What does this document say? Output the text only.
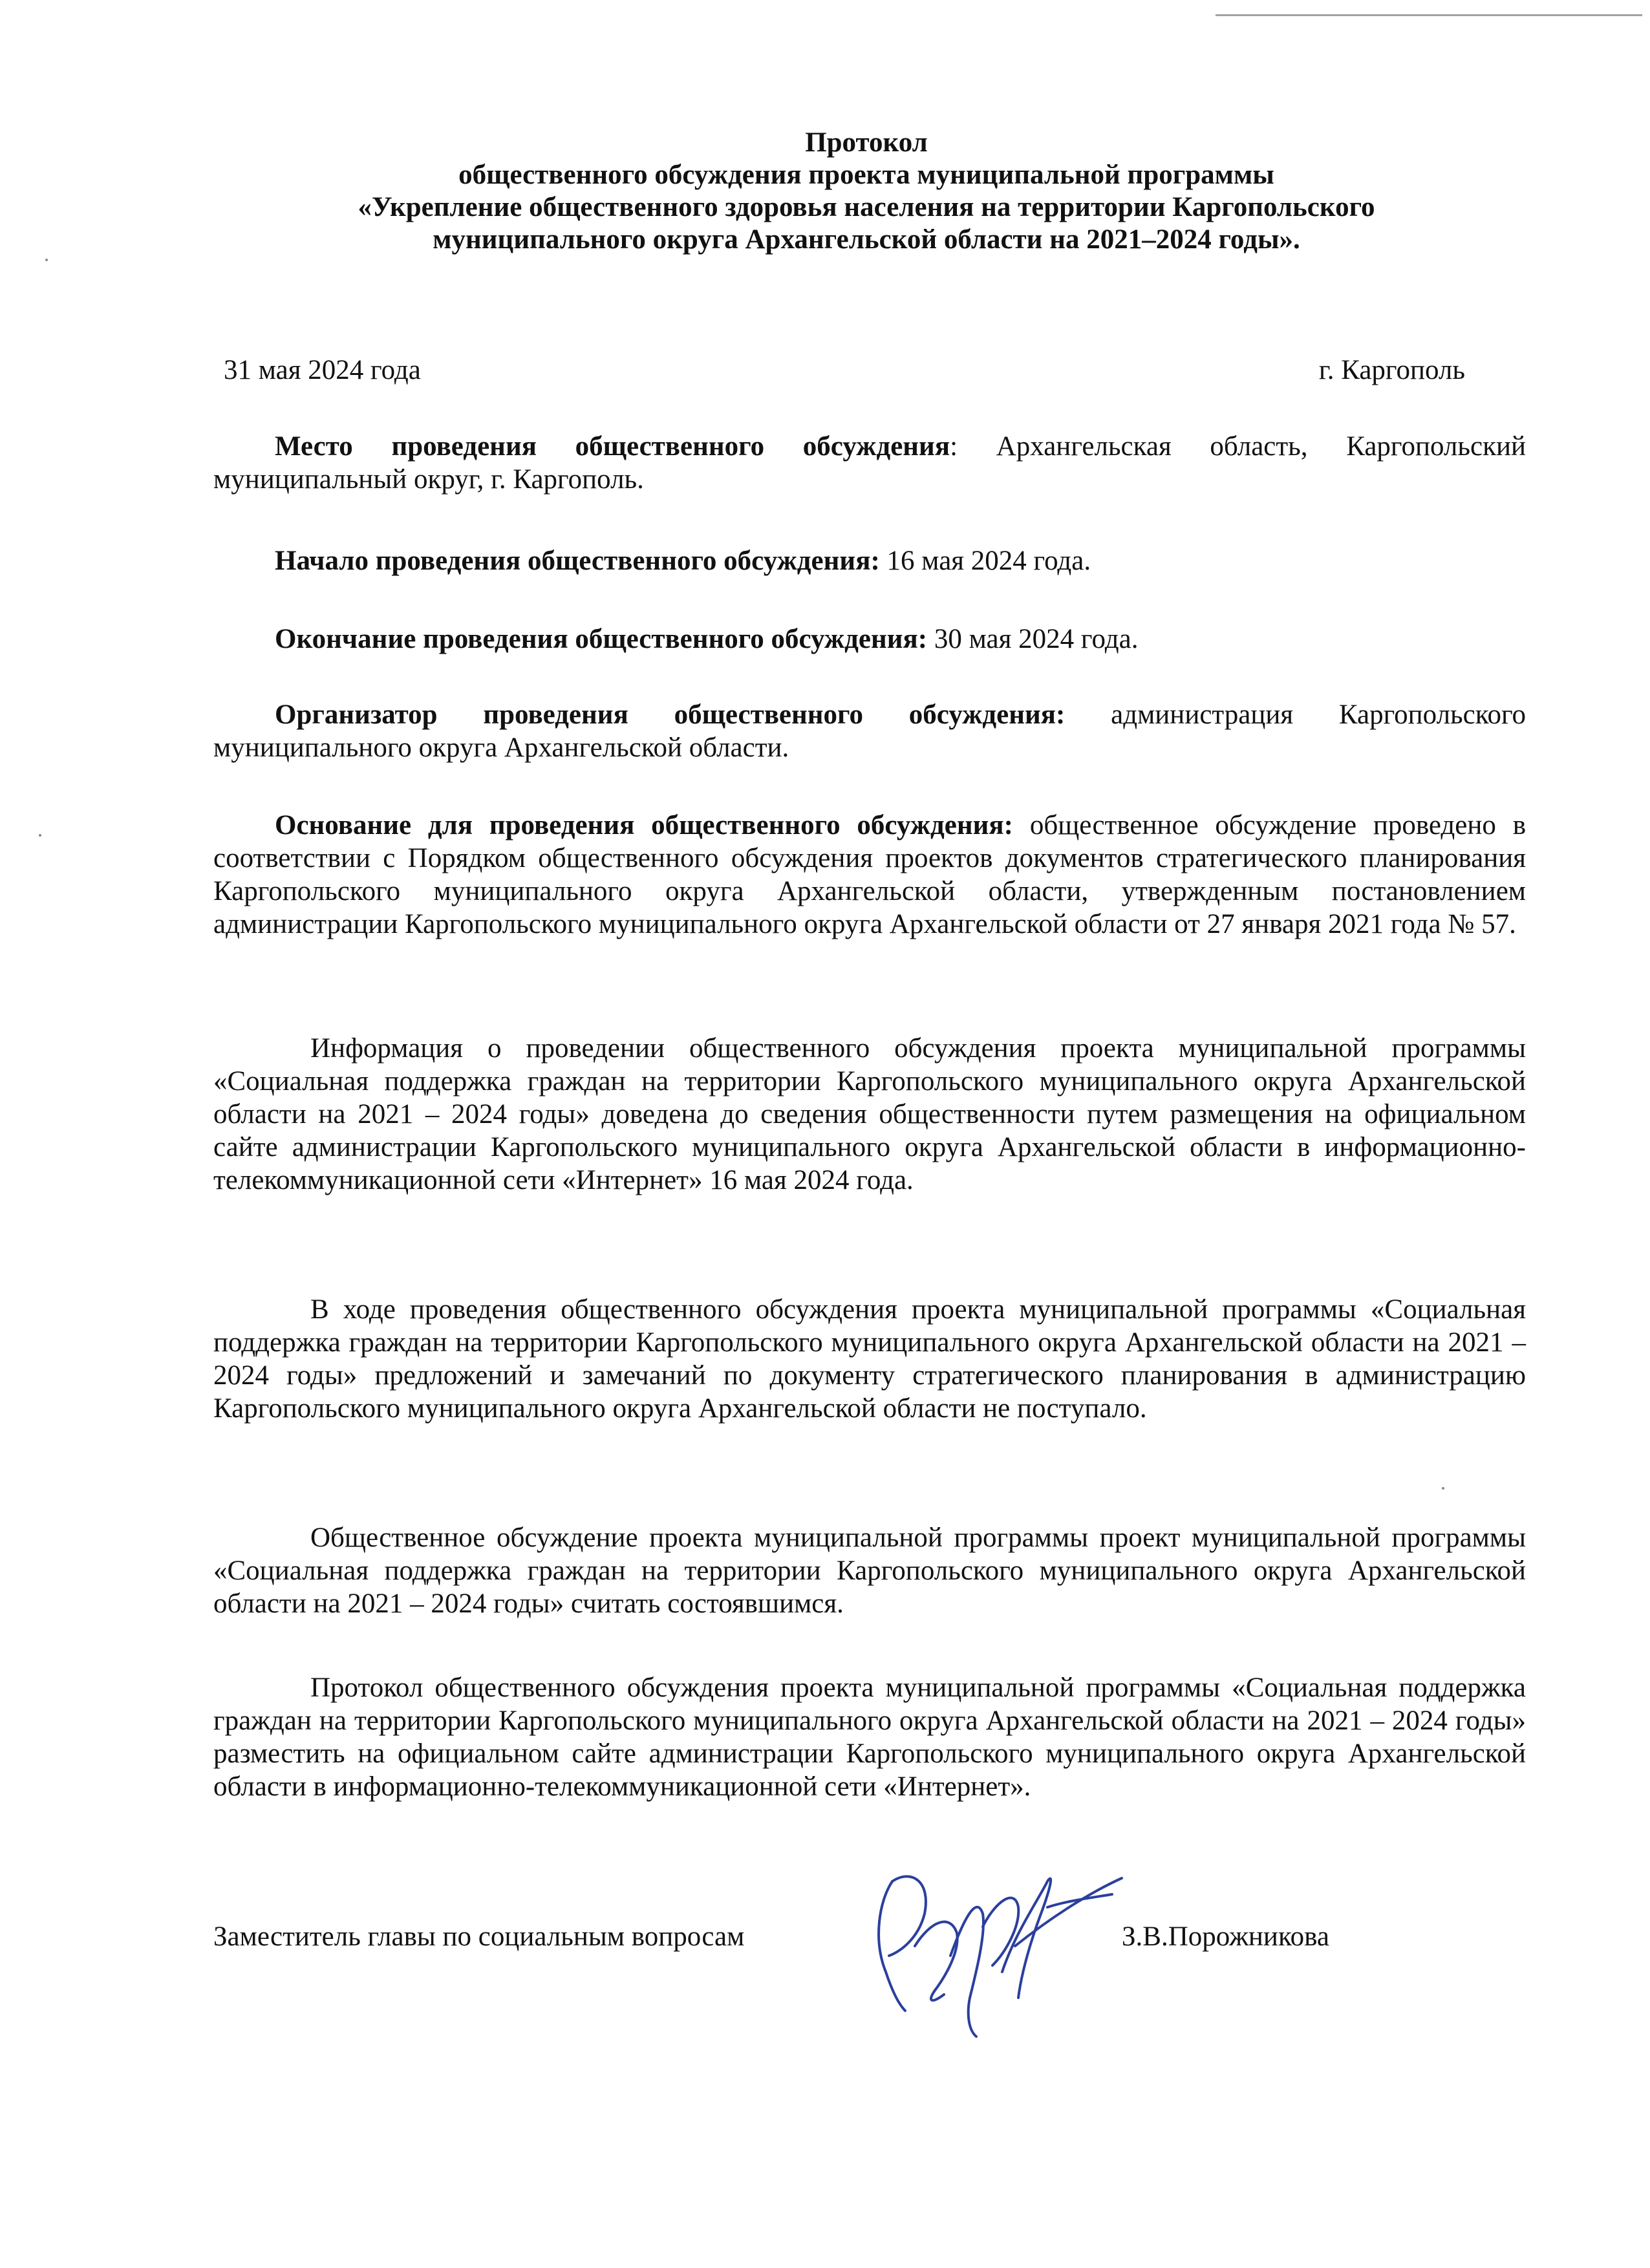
Протокол
общественного обсуждения проекта муниципальной программы
«Укрепление общественного здоровья населения на территории Каргопольского
муниципального округа Архангельской области на 2021–2024 годы».
31 мая 2024 года	г. Каргополь

Место проведения общественного обсуждения: Архангельская область, Каргопольский муниципальный округ, г. Каргополь.

Начало проведения общественного обсуждения: 16 мая 2024 года.

Окончание проведения общественного обсуждения: 30 мая 2024 года.

Организатор проведения общественного обсуждения: администрация Каргопольского муниципального округа Архангельской области.

Основание для проведения общественного обсуждения: общественное обсуждение проведено в соответствии с Порядком общественного обсуждения проектов документов стратегического планирования Каргопольского муниципального округа Архангельской области, утвержденным постановлением администрации Каргопольского муниципального округа Архангельской области от 27 января 2021 года № 57.

Информация о проведении общественного обсуждения проекта муниципальной программы «Социальная поддержка граждан на территории Каргопольского муниципального округа Архангельской области на 2021 – 2024 годы» доведена до сведения общественности путем размещения на официальном сайте администрации Каргопольского муниципального округа Архангельской области в информационно-телекоммуникационной сети «Интернет» 16 мая 2024 года.

В ходе проведения общественного обсуждения проекта муниципальной программы «Социальная поддержка граждан на территории Каргопольского муниципального округа Архангельской области на 2021 – 2024 годы» предложений и замечаний по документу стратегического планирования в администрацию Каргопольского муниципального округа Архангельской области не поступало.

Общественное обсуждение проекта муниципальной программы проект муниципальной программы «Социальная поддержка граждан на территории Каргопольского муниципального округа Архангельской области на 2021 – 2024 годы» считать состоявшимся.

Протокол общественного обсуждения проекта муниципальной программы «Социальная поддержка граждан на территории Каргопольского муниципального округа Архангельской области на 2021 – 2024 годы» разместить на официальном сайте администрации Каргопольского муниципального округа Архангельской области в информационно-телекоммуникационной сети «Интернет».

Заместитель главы по социальным вопросам	З.В.Порожникова
